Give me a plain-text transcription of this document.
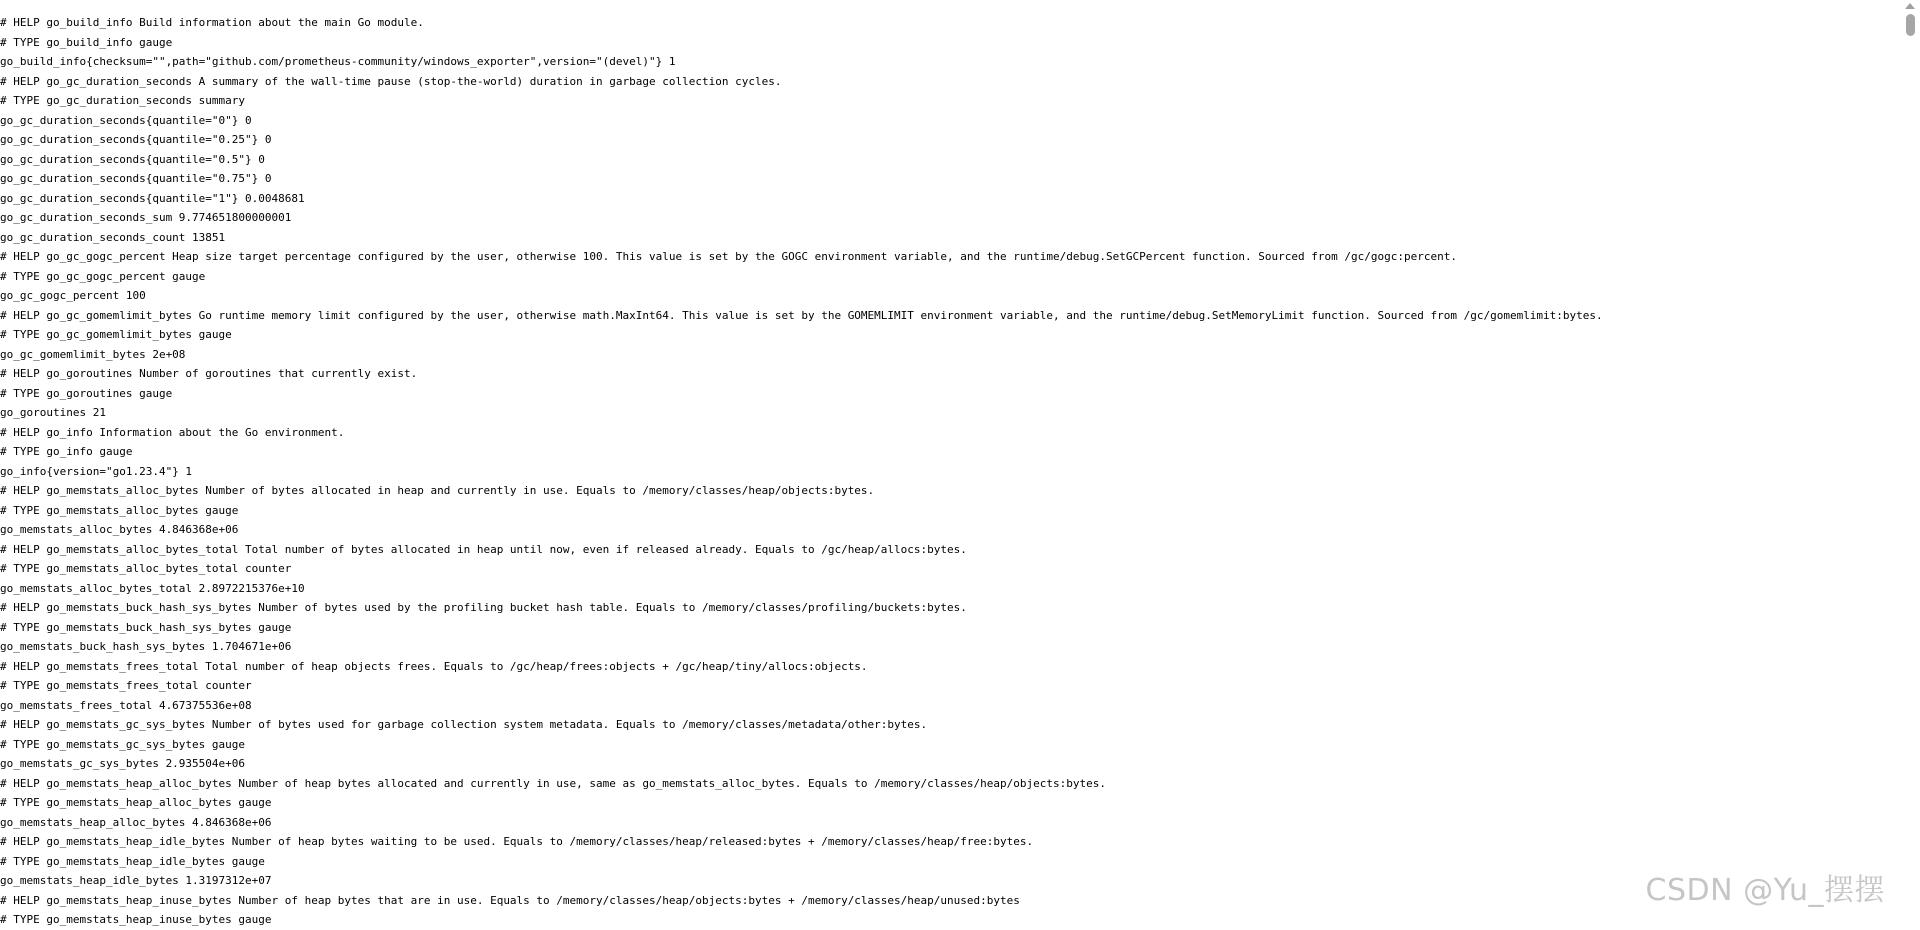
# HELP go_build_info Build information about the main Go module.
# TYPE go_build_info gauge
go_build_info{checksum="",path="github.com/prometheus-community/windows_exporter",version="(devel)"} 1
# HELP go_gc_duration_seconds A summary of the wall-time pause (stop-the-world) duration in garbage collection cycles.
# TYPE go_gc_duration_seconds summary
go_gc_duration_seconds{quantile="0"} 0
go_gc_duration_seconds{quantile="0.25"} 0
go_gc_duration_seconds{quantile="0.5"} 0
go_gc_duration_seconds{quantile="0.75"} 0
go_gc_duration_seconds{quantile="1"} 0.0048681
go_gc_duration_seconds_sum 9.774651800000001
go_gc_duration_seconds_count 13851
# HELP go_gc_gogc_percent Heap size target percentage configured by the user, otherwise 100. This value is set by the GOGC environment variable, and the runtime/debug.SetGCPercent function. Sourced from /gc/gogc:percent.
# TYPE go_gc_gogc_percent gauge
go_gc_gogc_percent 100
# HELP go_gc_gomemlimit_bytes Go runtime memory limit configured by the user, otherwise math.MaxInt64. This value is set by the GOMEMLIMIT environment variable, and the runtime/debug.SetMemoryLimit function. Sourced from /gc/gomemlimit:bytes.
# TYPE go_gc_gomemlimit_bytes gauge
go_gc_gomemlimit_bytes 2e+08
# HELP go_goroutines Number of goroutines that currently exist.
# TYPE go_goroutines gauge
go_goroutines 21
# HELP go_info Information about the Go environment.
# TYPE go_info gauge
go_info{version="go1.23.4"} 1
# HELP go_memstats_alloc_bytes Number of bytes allocated in heap and currently in use. Equals to /memory/classes/heap/objects:bytes.
# TYPE go_memstats_alloc_bytes gauge
go_memstats_alloc_bytes 4.846368e+06
# HELP go_memstats_alloc_bytes_total Total number of bytes allocated in heap until now, even if released already. Equals to /gc/heap/allocs:bytes.
# TYPE go_memstats_alloc_bytes_total counter
go_memstats_alloc_bytes_total 2.8972215376e+10
# HELP go_memstats_buck_hash_sys_bytes Number of bytes used by the profiling bucket hash table. Equals to /memory/classes/profiling/buckets:bytes.
# TYPE go_memstats_buck_hash_sys_bytes gauge
go_memstats_buck_hash_sys_bytes 1.704671e+06
# HELP go_memstats_frees_total Total number of heap objects frees. Equals to /gc/heap/frees:objects + /gc/heap/tiny/allocs:objects.
# TYPE go_memstats_frees_total counter
go_memstats_frees_total 4.67375536e+08
# HELP go_memstats_gc_sys_bytes Number of bytes used for garbage collection system metadata. Equals to /memory/classes/metadata/other:bytes.
# TYPE go_memstats_gc_sys_bytes gauge
go_memstats_gc_sys_bytes 2.935504e+06
# HELP go_memstats_heap_alloc_bytes Number of heap bytes allocated and currently in use, same as go_memstats_alloc_bytes. Equals to /memory/classes/heap/objects:bytes.
# TYPE go_memstats_heap_alloc_bytes gauge
go_memstats_heap_alloc_bytes 4.846368e+06
# HELP go_memstats_heap_idle_bytes Number of heap bytes waiting to be used. Equals to /memory/classes/heap/released:bytes + /memory/classes/heap/free:bytes.
# TYPE go_memstats_heap_idle_bytes gauge
go_memstats_heap_idle_bytes 1.3197312e+07
# HELP go_memstats_heap_inuse_bytes Number of heap bytes that are in use. Equals to /memory/classes/heap/objects:bytes + /memory/classes/heap/unused:bytes
# TYPE go_memstats_heap_inuse_bytes gauge
CSDN @Yu_摆摆
